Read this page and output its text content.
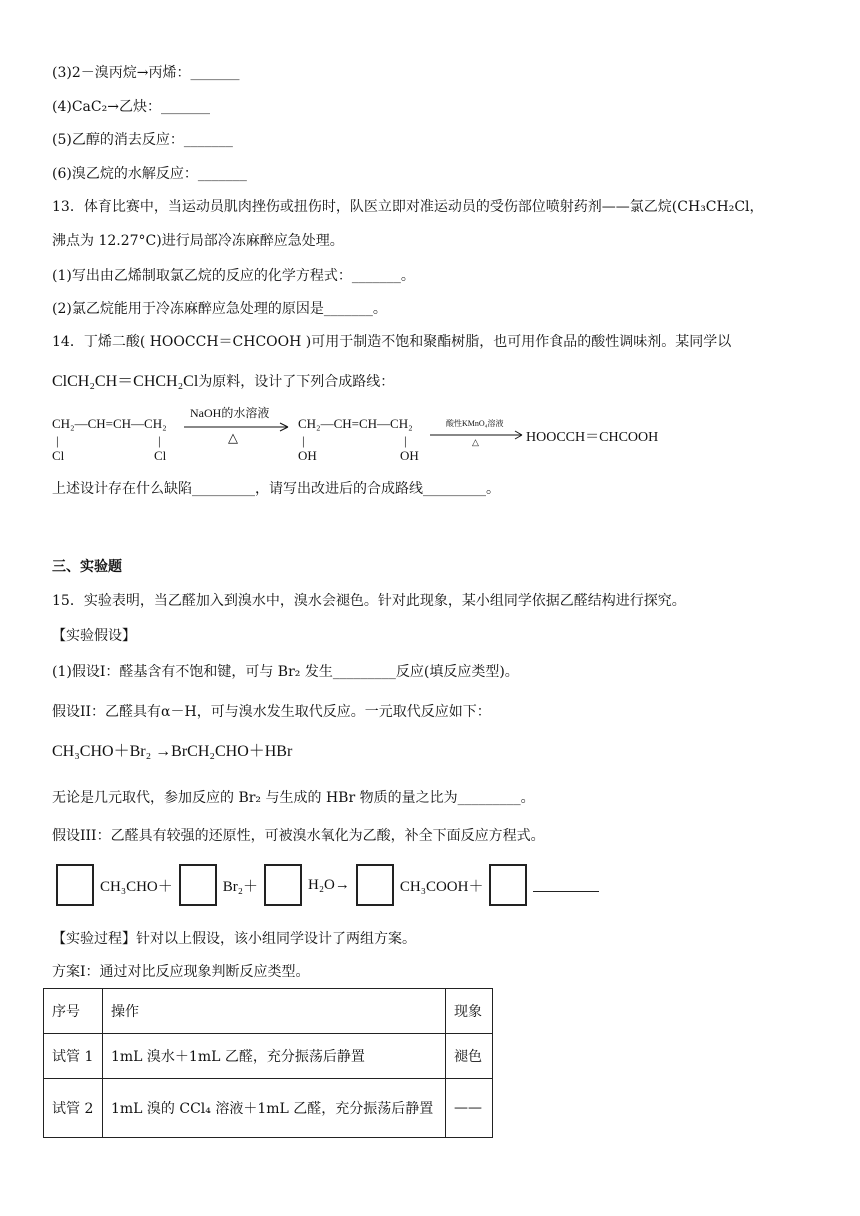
(3)2－溴丙烷→丙烯：_______
(4)CaC₂→乙炔：_______
(5)乙醇的消去反应：_______
(6)溴乙烷的水解反应：_______
13．体育比赛中，当运动员肌肉挫伤或扭伤时，队医立即对准运动员的受伤部位喷射药剂——氯乙烷(CH₃CH₂Cl，
沸点为 12.27°C)进行局部冷冻麻醉应急处理。
(1)写出由乙烯制取氯乙烷的反应的化学方程式：_______。
(2)氯乙烷能用于冷冻麻醉应急处理的原因是_______。
14．丁烯二酸( HOOCCH＝CHCOOH )可用于制造不饱和聚酯树脂，也可用作食品的酸性调味剂。某同学以
ClCH₂CH＝CHCH₂Cl为原料，设计了下列合成路线：
CH₂—CH=CH—CH₂
|	|
Cl	Cl
NaOH的水溶液
△
CH₂—CH=CH—CH₂
|	|
OH	OH
酸性KMnO₄溶液
△	HOOCCH＝CHCOOH
上述设计存在什么缺陷_________，请写出改进后的合成路线_________。
三、实验题
15．实验表明，当乙醛加入到溴水中，溴水会褪色。针对此现象，某小组同学依据乙醛结构进行探究。
【实验假设】
(1)假设I：醛基含有不饱和键，可与 Br₂ 发生_________反应(填反应类型)。
假设II：乙醛具有α－H，可与溴水发生取代反应。一元取代反应如下：
CH₃CHO＋Br₂ →BrCH₂CHO＋HBr
无论是几元取代，参加反应的 Br₂ 与生成的 HBr 物质的量之比为_________。
假设III：乙醛具有较强的还原性，可被溴水氧化为乙酸，补全下面反应方程式。
CH₃CHO＋	Br₂＋	H₂O→	CH₃COOH＋
【实验过程】针对以上假设，该小组同学设计了两组方案。
方案I：通过对比反应现象判断反应类型。
序号	操作	现象
试管 1	1mL 溴水＋1mL 乙醛，充分振荡后静置	褪色
试管 2	1mL 溴的 CCl₄ 溶液＋1mL 乙醛，充分振荡后静置	——
